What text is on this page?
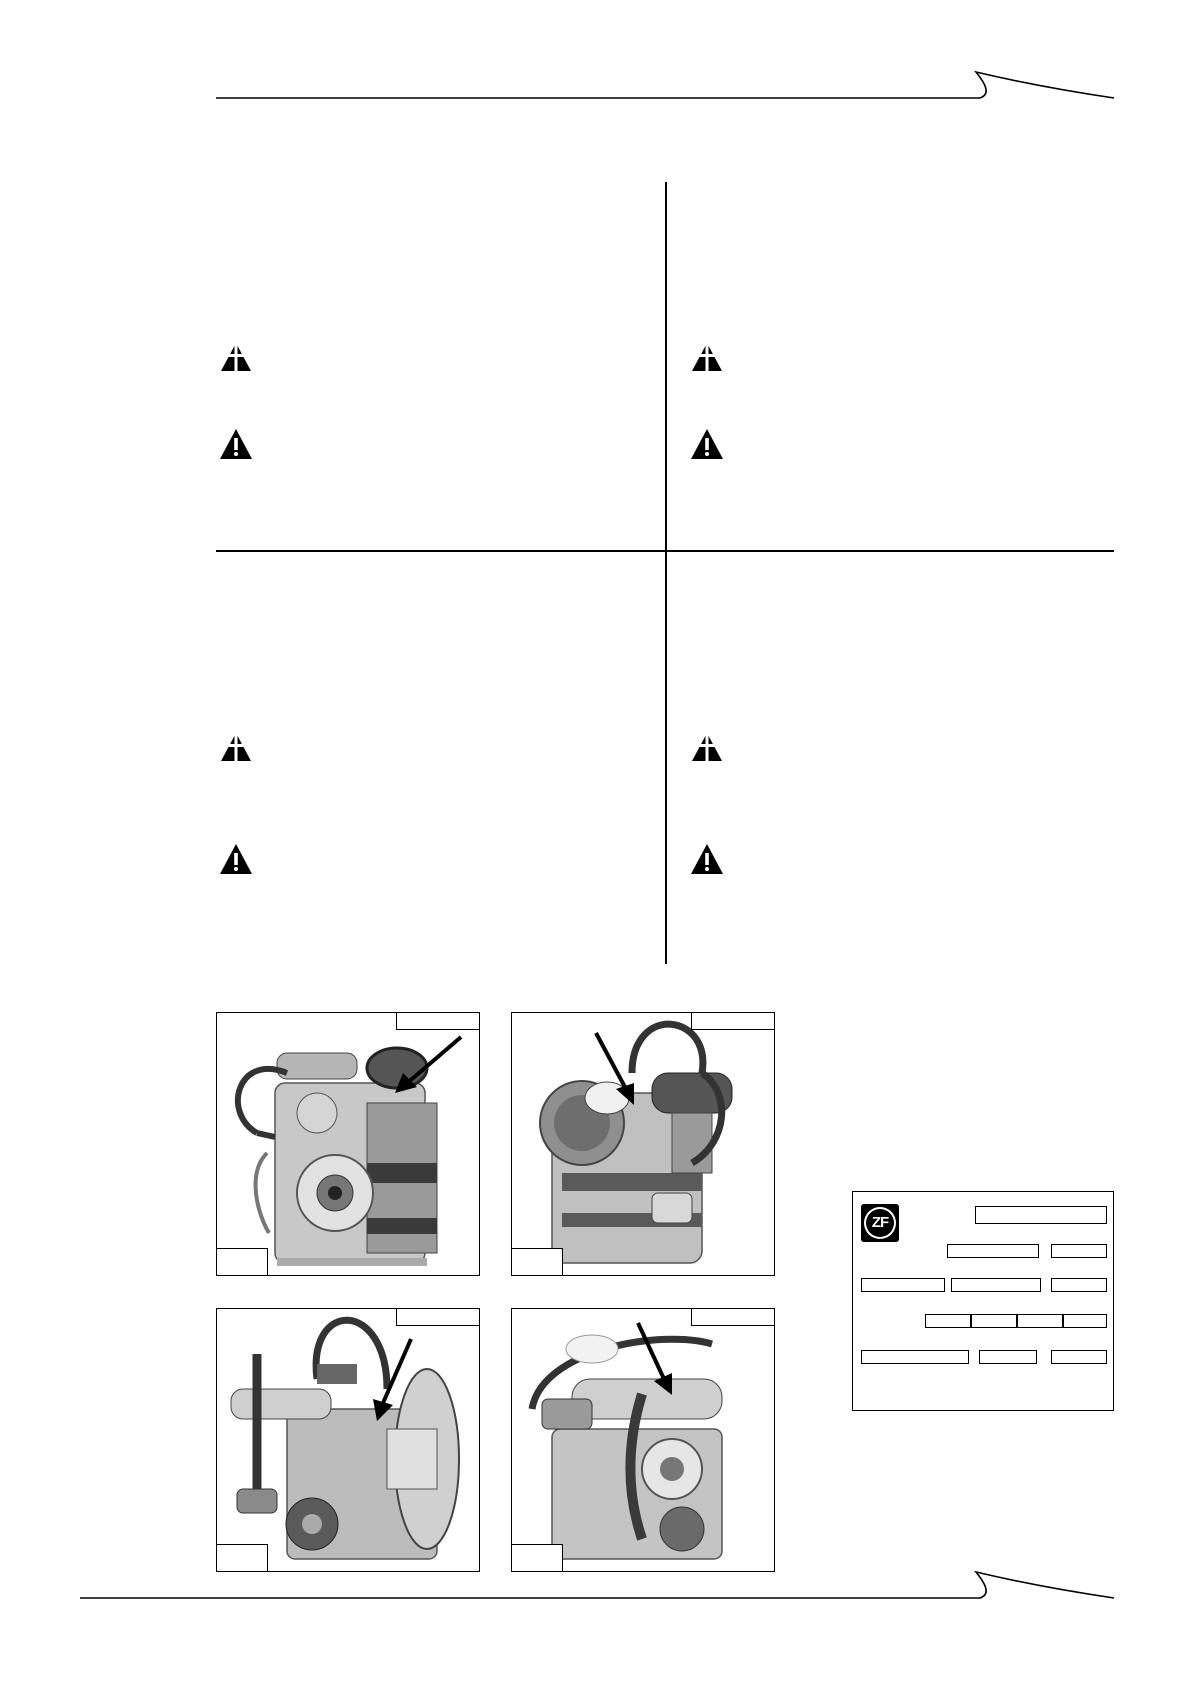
ZF
